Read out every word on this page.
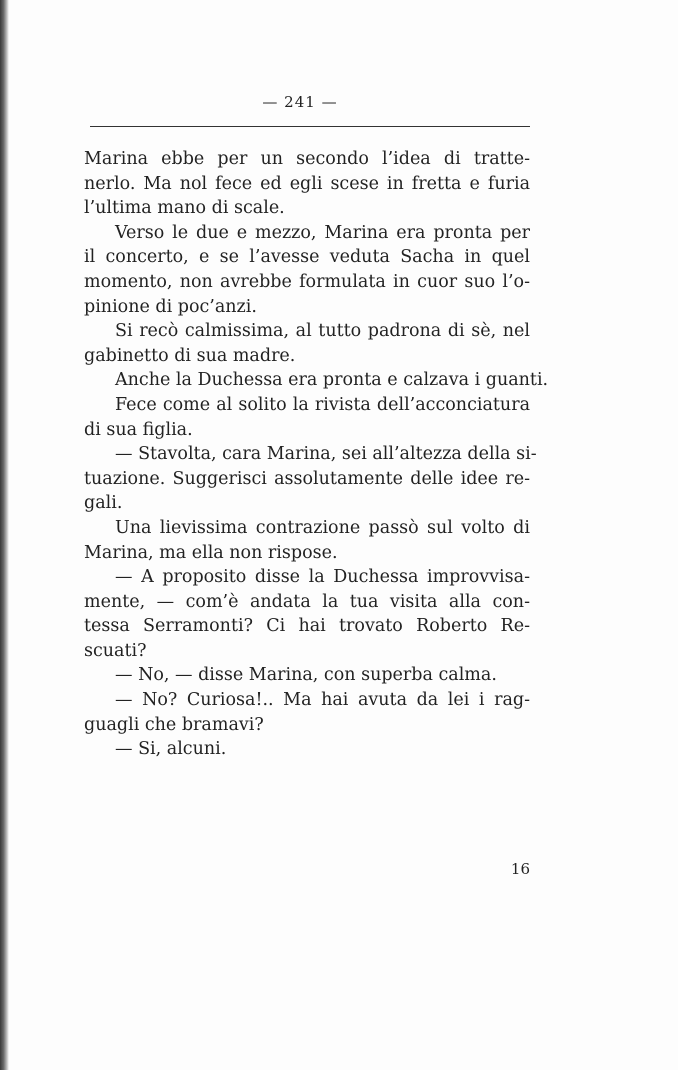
— 241 —
Marina ebbe per un secondo l’idea di tratte-
nerlo. Ma nol fece ed egli scese in fretta e furia
l’ultima mano di scale.
Verso le due e mezzo, Marina era pronta per
il concerto, e se l’avesse veduta Sacha in quel
momento, non avrebbe formulata in cuor suo l’o-
pinione di poc’anzi.
Si recò calmissima, al tutto padrona di sè, nel
gabinetto di sua madre.
Anche la Duchessa era pronta e calzava i guanti.
Fece come al solito la rivista dell’acconciatura
di sua figlia.
— Stavolta, cara Marina, sei all’altezza della si-
tuazione. Suggerisci assolutamente delle idee re-
gali.
Una lievissima contrazione passò sul volto di
Marina, ma ella non rispose.
— A proposito disse la Duchessa improvvisa-
mente, — com’è andata la tua visita alla con-
tessa Serramonti? Ci hai trovato Roberto Re-
scuati?
— No, — disse Marina, con superba calma.
— No? Curiosa!.. Ma hai avuta da lei i rag-
guagli che bramavi?
— Si, alcuni.
16
